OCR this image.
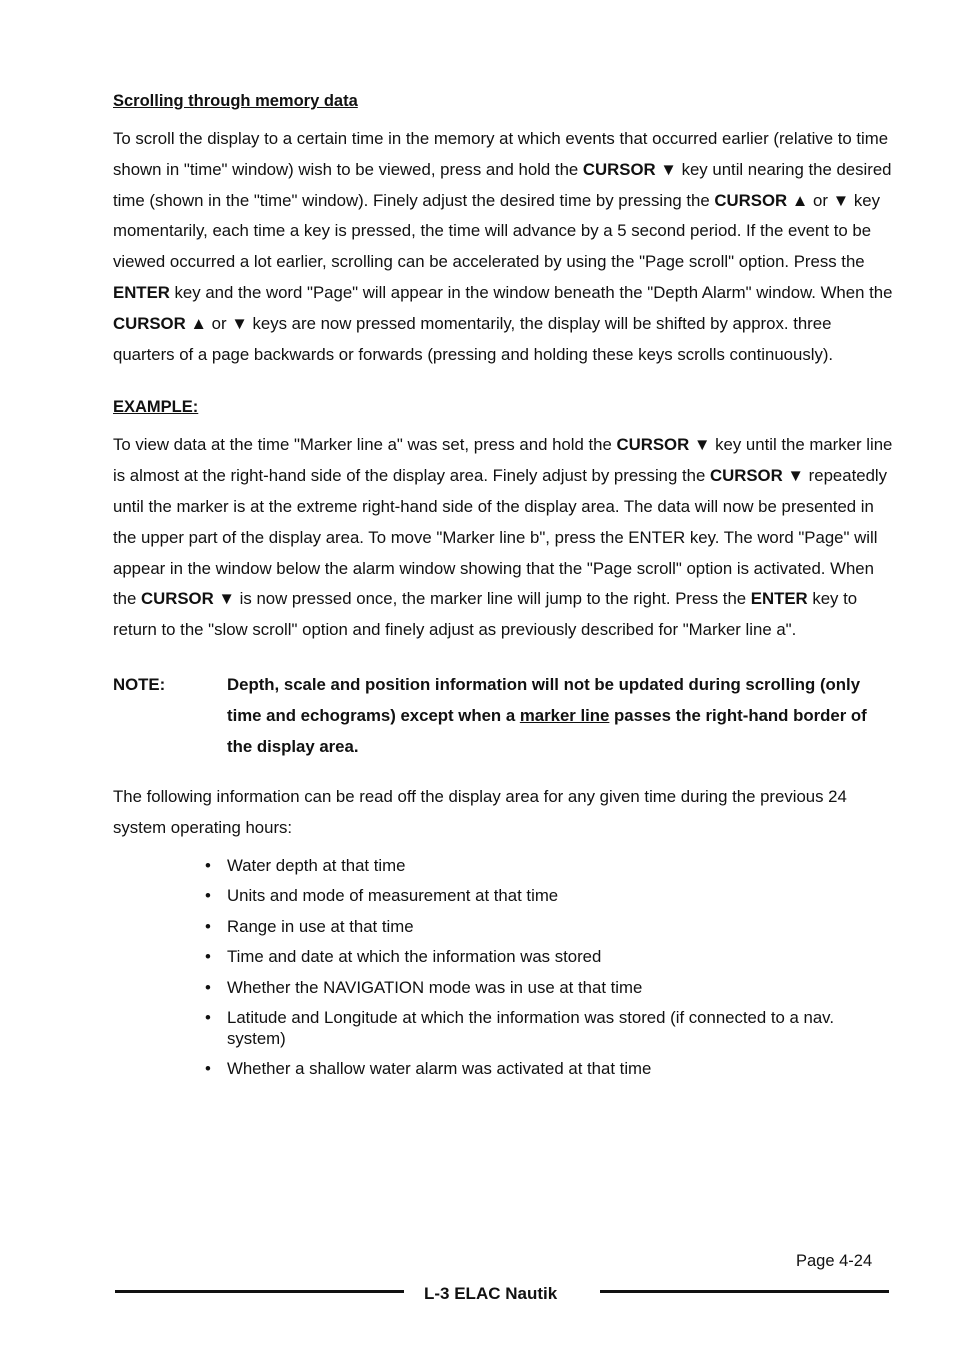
Scrolling through memory data

To scroll the display to a certain time in the memory at which events that occurred earlier (relative to time shown in "time" window) wish to be viewed, press and hold the CURSOR ▼ key until nearing the desired time (shown in the "time" window). Finely adjust the desired time by pressing the CURSOR ▲ or ▼ key momentarily, each time a key is pressed, the time will advance by a 5 second period. If the event to be viewed occurred a lot earlier, scrolling can be accelerated by using the "Page scroll" option. Press the ENTER key and the word "Page" will appear in the window beneath the "Depth Alarm" window. When the CURSOR ▲ or ▼ keys are now pressed momentarily, the display will be shifted by approx. three quarters of a page backwards or forwards (pressing and holding these keys scrolls continuously).

EXAMPLE:

To view data at the time "Marker line a" was set, press and hold the CURSOR ▼ key until the marker line is almost at the right-hand side of the display area. Finely adjust by pressing the CURSOR ▼ repeatedly until the marker is at the extreme right-hand side of the display area. The data will now be presented in the upper part of the display area. To move "Marker line b", press the ENTER key. The word "Page" will appear in the window below the alarm window showing that the "Page scroll" option is activated. When the CURSOR ▼ is now pressed once, the marker line will jump to the right. Press the ENTER key to return to the "slow scroll" option and finely adjust as previously described for "Marker line a".

NOTE:	Depth, scale and position information will not be updated during scrolling (only time and echograms) except when a marker line passes the right-hand border of the display area.

The following information can be read off the display area for any given time during the previous 24 system operating hours:

• Water depth at that time
• Units and mode of measurement at that time
• Range in use at that time
• Time and date at which the information was stored
• Whether the NAVIGATION mode was in use at that time
• Latitude and Longitude at which the information was stored (if connected to a nav. system)
• Whether a shallow water alarm was activated at that time
Page 4-24
L-3 ELAC Nautik
